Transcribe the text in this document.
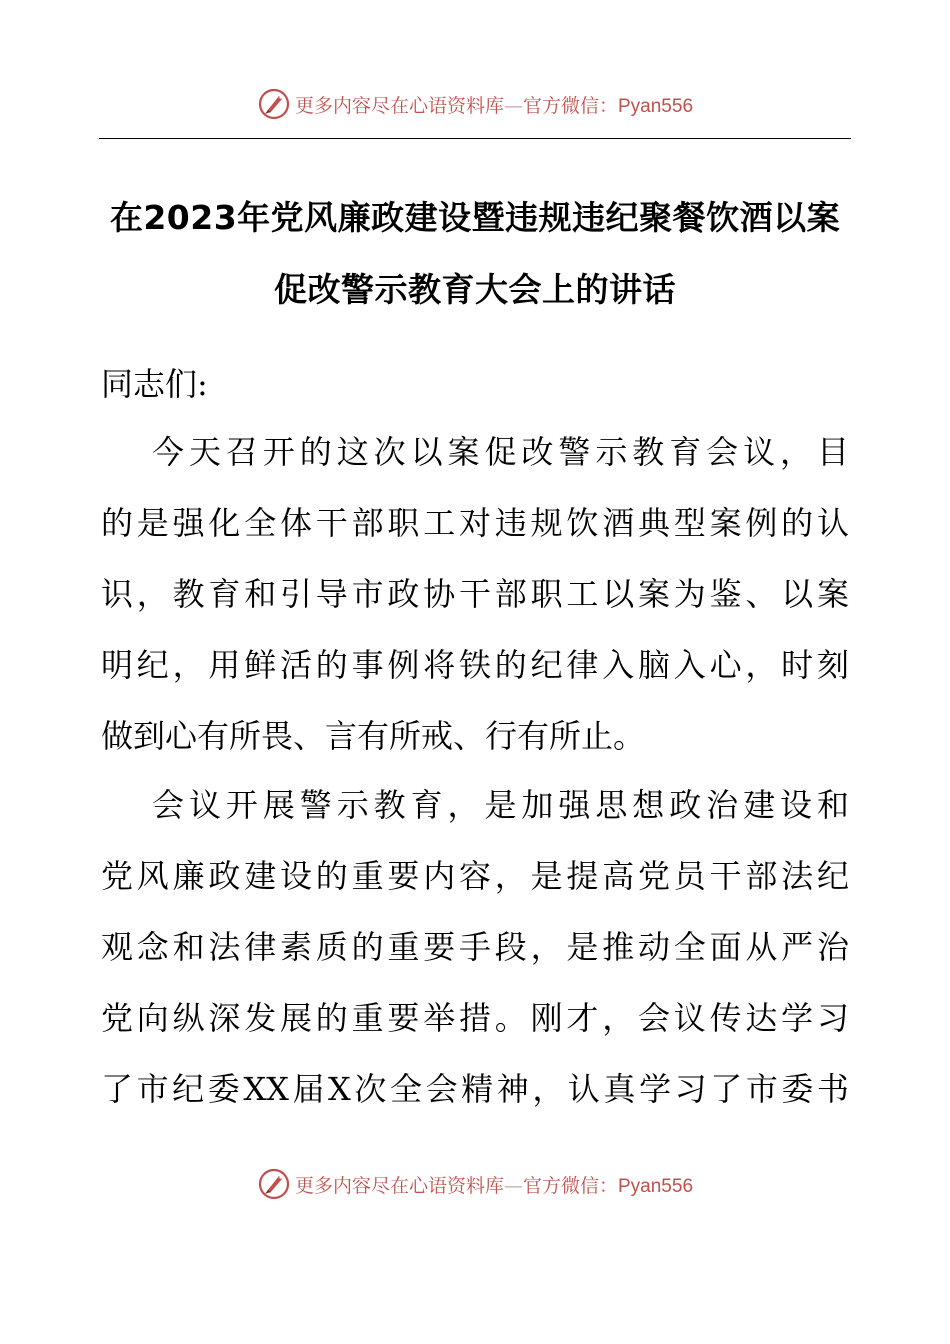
更多内容尽在心语资料库—官方微信：Pyan556
在2023年党风廉政建设暨违规违纪聚餐饮酒以案
促改警示教育大会上的讲话
同志们:
今天召开的这次以案促改警示教育会议，目
的是强化全体干部职工对违规饮酒典型案例的认
识，教育和引导市政协干部职工以案为鉴、以案
明纪，用鲜活的事例将铁的纪律入脑入心，时刻
做到心有所畏、言有所戒、行有所止。
会议开展警示教育，是加强思想政治建设和
党风廉政建设的重要内容，是提高党员干部法纪
观念和法律素质的重要手段，是推动全面从严治
党向纵深发展的重要举措。刚才，会议传达学习
了市纪委XX届X次全会精神，认真学习了市委书
更多内容尽在心语资料库—官方微信：Pyan556
